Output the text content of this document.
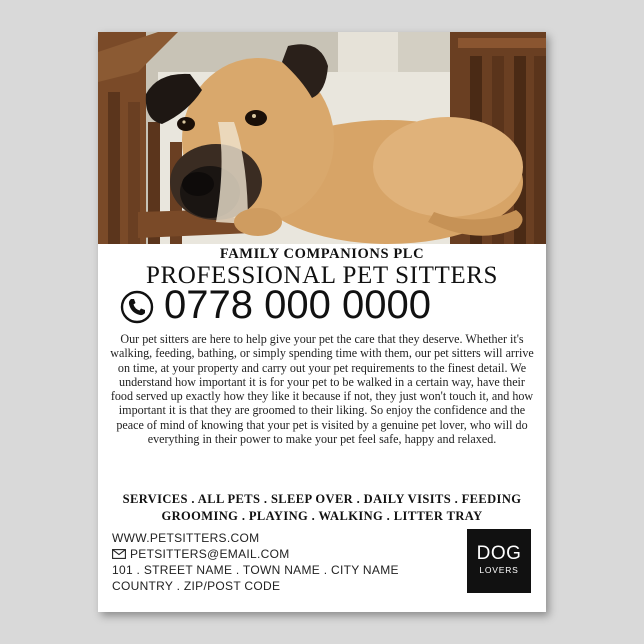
FAMILY COMPANIONS PLC
PROFESSIONAL PET SITTERS
0778 000 0000
Our pet sitters are here to help give your pet the care that they deserve. Whether it's walking, feeding, bathing, or simply spending time with them, our pet sitters will arrive on time, at your property and carry out your pet requirements to the finest detail. We understand how important it is for your pet to be walked in a certain way, have their food served up exactly how they like it because if not, they just won't touch it, and how important it is that they are groomed to their liking. So enjoy the confidence and the peace of mind of knowing that your pet is visited by a genuine pet lover, who will do everything in their power to make your pet feel safe, happy and relaxed.
SERVICES . ALL PETS . SLEEP OVER . DAILY VISITS . FEEDING
GROOMING . PLAYING . WALKING . LITTER TRAY
WWW.PETSITTERS.COM
PETSITTERS@EMAIL.COM
101 . STREET NAME . TOWN NAME . CITY NAME
COUNTRY . ZIP/POST CODE
DOG
LOVERS
